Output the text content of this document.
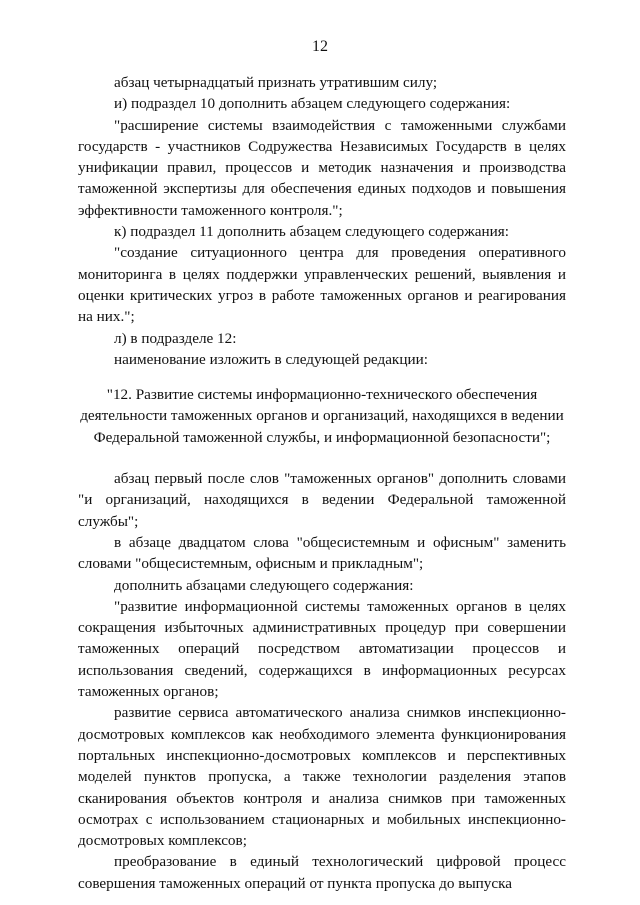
12

абзац четырнадцатый признать утратившим силу;

и) подраздел 10 дополнить абзацем следующего содержания:

"расширение системы взаимодействия с таможенными службами государств - участников Содружества Независимых Государств в целях унификации правил, процессов и методик назначения и производства таможенной экспертизы для обеспечения единых подходов и повышения эффективности таможенного контроля.";

к) подраздел 11 дополнить абзацем следующего содержания:

"создание ситуационного центра для проведения оперативного мониторинга в целях поддержки управленческих решений, выявления и оценки критических угроз в работе таможенных органов и реагирования на них.";

л) в подразделе 12:

наименование изложить в следующей редакции:

"12. Развитие системы информационно-технического обеспечения деятельности таможенных органов и организаций, находящихся в ведении Федеральной таможенной службы, и информационной безопасности";

абзац первый после слов "таможенных органов" дополнить словами "и организаций, находящихся в ведении Федеральной таможенной службы";

в абзаце двадцатом слова "общесистемным и офисным" заменить словами "общесистемным, офисным и прикладным";

дополнить абзацами следующего содержания:

"развитие информационной системы таможенных органов в целях сокращения избыточных административных процедур при совершении таможенных операций посредством автоматизации процессов и использования сведений, содержащихся в информационных ресурсах таможенных органов;

развитие сервиса автоматического анализа снимков инспекционно-досмотровых комплексов как необходимого элемента функционирования портальных инспекционно-досмотровых комплексов и перспективных моделей пунктов пропуска, а также технологии разделения этапов сканирования объектов контроля и анализа снимков при таможенных осмотрах с использованием стационарных и мобильных инспекционно-досмотровых комплексов;

преобразование в единый технологический цифровой процесс совершения таможенных операций от пункта пропуска до выпуска
